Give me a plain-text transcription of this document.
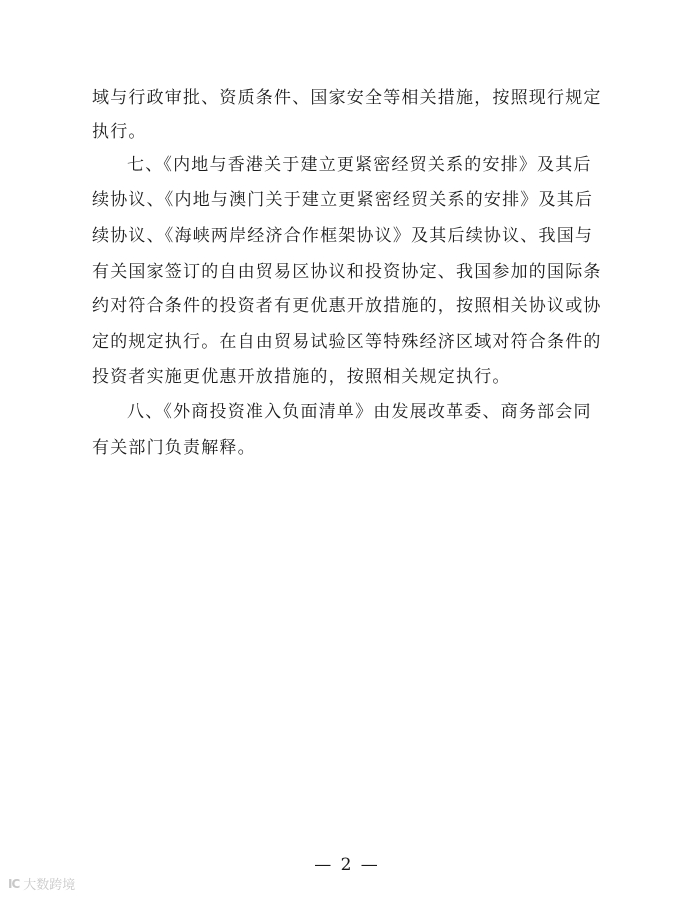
域与行政审批、资质条件、国家安全等相关措施，按照现行规定
执行。
七、《内地与香港关于建立更紧密经贸关系的安排》及其后
续协议、《内地与澳门关于建立更紧密经贸关系的安排》及其后
续协议、《海峡两岸经济合作框架协议》及其后续协议、我国与
有关国家签订的自由贸易区协议和投资协定、我国参加的国际条
约对符合条件的投资者有更优惠开放措施的，按照相关协议或协
定的规定执行。在自由贸易试验区等特殊经济区域对符合条件的
投资者实施更优惠开放措施的，按照相关规定执行。
八、《外商投资准入负面清单》由发展改革委、商务部会同
有关部门负责解释。
— 2 —
IC 大数跨境
